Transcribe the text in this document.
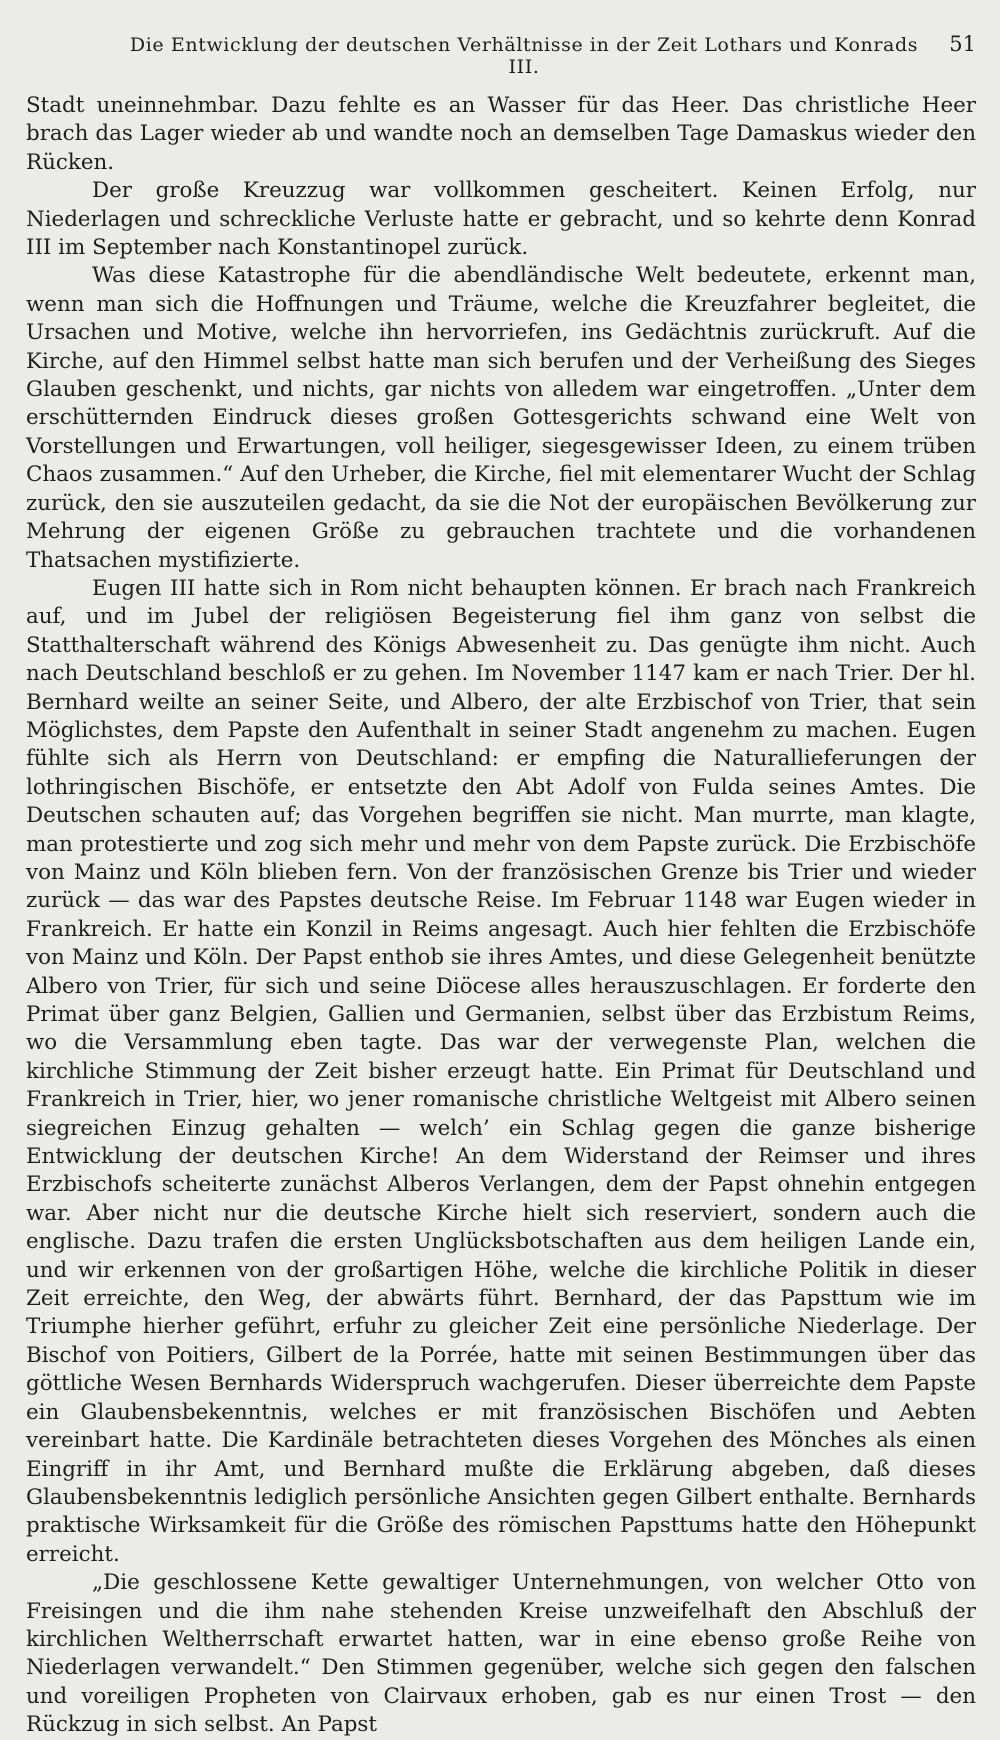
Die Entwicklung der deutschen Verhältnisse in der Zeit Lothars und Konrads III.
51

Stadt uneinnehmbar. Dazu fehlte es an Wasser für das Heer. Das christliche Heer brach das Lager wieder ab und wandte noch an demselben Tage Damaskus wieder den Rücken.

Der große Kreuzzug war vollkommen gescheitert. Keinen Erfolg, nur Niederlagen und schreckliche Verluste hatte er gebracht, und so kehrte denn Konrad III im September nach Konstantinopel zurück.

Was diese Katastrophe für die abendländische Welt bedeutete, erkennt man, wenn man sich die Hoffnungen und Träume, welche die Kreuzfahrer begleitet, die Ursachen und Motive, welche ihn hervorriefen, ins Gedächtnis zurückruft. Auf die Kirche, auf den Himmel selbst hatte man sich berufen und der Verheißung des Sieges Glauben geschenkt, und nichts, gar nichts von alledem war eingetroffen. „Unter dem erschütternden Eindruck dieses großen Gottesgerichts schwand eine Welt von Vorstellungen und Erwartungen, voll heiliger, siegesgewisser Ideen, zu einem trüben Chaos zusammen.“ Auf den Urheber, die Kirche, fiel mit elementarer Wucht der Schlag zurück, den sie auszuteilen gedacht, da sie die Not der europäischen Bevölkerung zur Mehrung der eigenen Größe zu gebrauchen trachtete und die vorhandenen Thatsachen mystifizierte.

Eugen III hatte sich in Rom nicht behaupten können. Er brach nach Frankreich auf, und im Jubel der religiösen Begeisterung fiel ihm ganz von selbst die Statthalterschaft während des Königs Abwesenheit zu. Das genügte ihm nicht. Auch nach Deutschland beschloß er zu gehen. Im November 1147 kam er nach Trier. Der hl. Bernhard weilte an seiner Seite, und Albero, der alte Erzbischof von Trier, that sein Möglichstes, dem Papste den Aufenthalt in seiner Stadt angenehm zu machen. Eugen fühlte sich als Herrn von Deutschland: er empfing die Naturallieferungen der lothringischen Bischöfe, er entsetzte den Abt Adolf von Fulda seines Amtes. Die Deutschen schauten auf; das Vorgehen begriffen sie nicht. Man murrte, man klagte, man protestierte und zog sich mehr und mehr von dem Papste zurück. Die Erzbischöfe von Mainz und Köln blieben fern. Von der französischen Grenze bis Trier und wieder zurück — das war des Papstes deutsche Reise. Im Februar 1148 war Eugen wieder in Frankreich. Er hatte ein Konzil in Reims angesagt. Auch hier fehlten die Erzbischöfe von Mainz und Köln. Der Papst enthob sie ihres Amtes, und diese Gelegenheit benützte Albero von Trier, für sich und seine Diöcese alles herauszuschlagen. Er forderte den Primat über ganz Belgien, Gallien und Germanien, selbst über das Erzbistum Reims, wo die Versammlung eben tagte. Das war der verwegenste Plan, welchen die kirchliche Stimmung der Zeit bisher erzeugt hatte. Ein Primat für Deutschland und Frankreich in Trier, hier, wo jener romanische christliche Weltgeist mit Albero seinen siegreichen Einzug gehalten — welch’ ein Schlag gegen die ganze bisherige Entwicklung der deutschen Kirche! An dem Widerstand der Reimser und ihres Erzbischofs scheiterte zunächst Alberos Verlangen, dem der Papst ohnehin entgegen war. Aber nicht nur die deutsche Kirche hielt sich reserviert, sondern auch die englische. Dazu trafen die ersten Unglücksbotschaften aus dem heiligen Lande ein, und wir erkennen von der großartigen Höhe, welche die kirchliche Politik in dieser Zeit erreichte, den Weg, der abwärts führt. Bernhard, der das Papsttum wie im Triumphe hierher geführt, erfuhr zu gleicher Zeit eine persönliche Niederlage. Der Bischof von Poitiers, Gilbert de la Porrée, hatte mit seinen Bestimmungen über das göttliche Wesen Bernhards Widerspruch wachgerufen. Dieser überreichte dem Papste ein Glaubensbekenntnis, welches er mit französischen Bischöfen und Aebten vereinbart hatte. Die Kardinäle betrachteten dieses Vorgehen des Mönches als einen Eingriff in ihr Amt, und Bernhard mußte die Erklärung abgeben, daß dieses Glaubensbekenntnis lediglich persönliche Ansichten gegen Gilbert enthalte. Bernhards praktische Wirksamkeit für die Größe des römischen Papsttums hatte den Höhepunkt erreicht.

„Die geschlossene Kette gewaltiger Unternehmungen, von welcher Otto von Freisingen und die ihm nahe stehenden Kreise unzweifelhaft den Abschluß der kirchlichen Weltherrschaft erwartet hatten, war in eine ebenso große Reihe von Niederlagen verwandelt.“ Den Stimmen gegenüber, welche sich gegen den falschen und voreiligen Propheten von Clairvaux erhoben, gab es nur einen Trost — den Rückzug in sich selbst. An Papst
